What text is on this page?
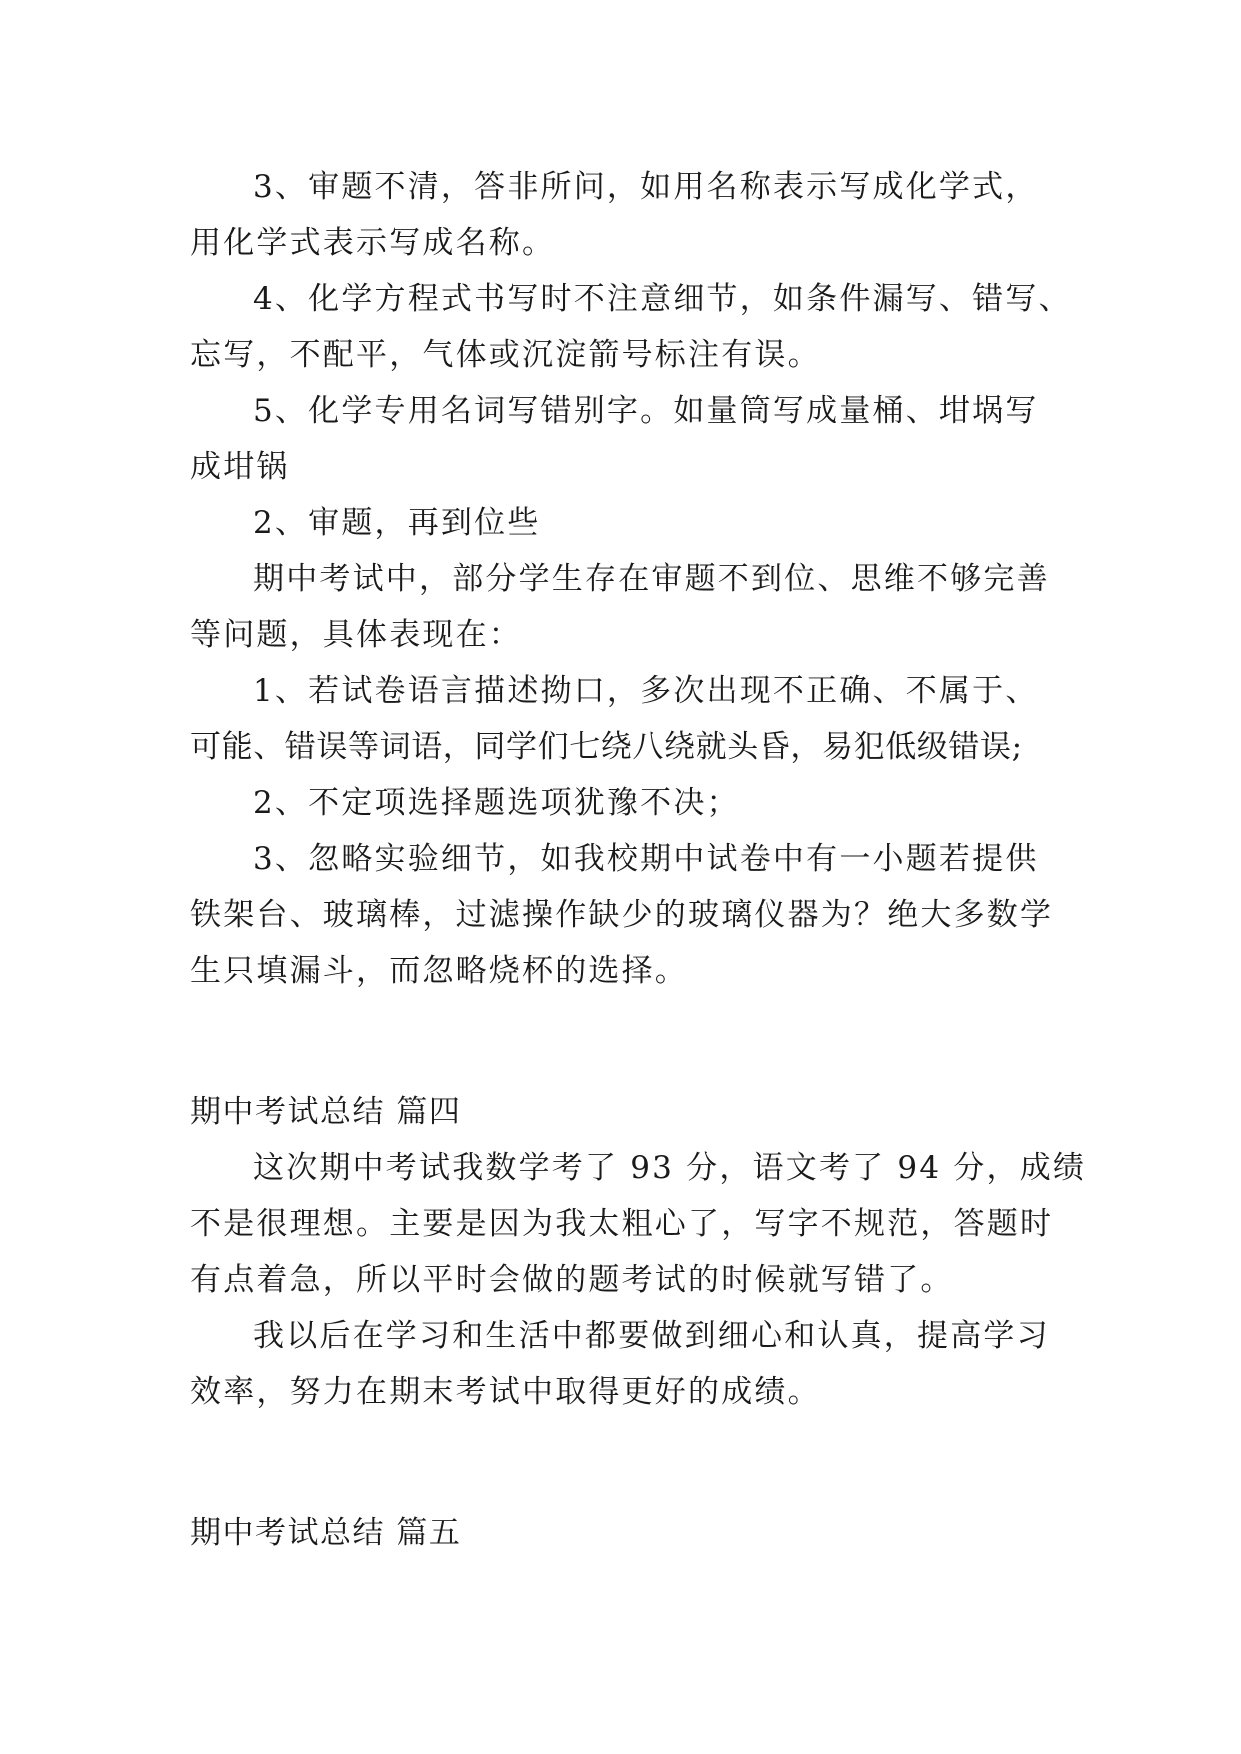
3、审题不清，答非所问，如用名称表示写成化学式，
用化学式表示写成名称。
4、化学方程式书写时不注意细节，如条件漏写、错写、
忘写，不配平，气体或沉淀箭号标注有误。
5、化学专用名词写错别字。如量筒写成量桶、坩埚写
成坩锅
2、审题，再到位些
期中考试中，部分学生存在审题不到位、思维不够完善
等问题，具体表现在：
1、若试卷语言描述拗口，多次出现不正确、不属于、
可能、错误等词语，同学们七绕八绕就头昏，易犯低级错误;
2、不定项选择题选项犹豫不决；
3、忽略实验细节，如我校期中试卷中有一小题若提供
铁架台、玻璃棒，过滤操作缺少的玻璃仪器为？绝大多数学
生只填漏斗，而忽略烧杯的选择。
期中考试总结 篇四
这次期中考试我数学考了 93 分，语文考了 94 分，成绩
不是很理想。主要是因为我太粗心了，写字不规范，答题时
有点着急，所以平时会做的题考试的时候就写错了。
我以后在学习和生活中都要做到细心和认真，提高学习
效率，努力在期末考试中取得更好的成绩。
期中考试总结 篇五
